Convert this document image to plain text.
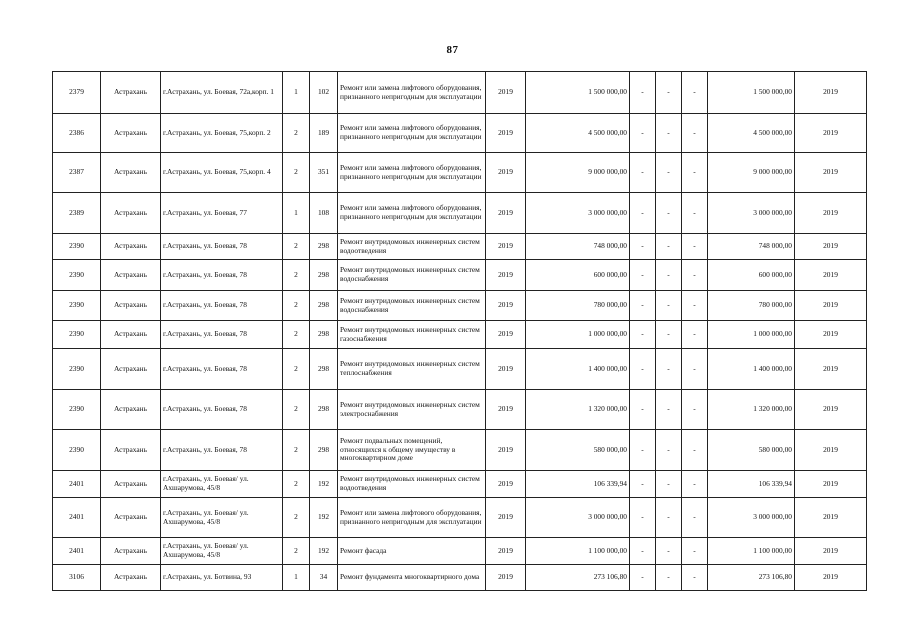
87
2379	Астрахань	г.Астрахань, ул. Боевая, 72а,корп. 1	1	102	Ремонт или замена лифтового оборудования, признанного непригодным для эксплуатации	2019	1 500 000,00	-	-	-	1 500 000,00	2019
2386	Астрахань	г.Астрахань, ул. Боевая, 75,корп. 2	2	189	Ремонт или замена лифтового оборудования, признанного непригодным для эксплуатации	2019	4 500 000,00	-	-	-	4 500 000,00	2019
2387	Астрахань	г.Астрахань, ул. Боевая, 75,корп. 4	2	351	Ремонт или замена лифтового оборудования, признанного непригодным для эксплуатации	2019	9 000 000,00	-	-	-	9 000 000,00	2019
2389	Астрахань	г.Астрахань, ул. Боевая, 77	1	108	Ремонт или замена лифтового оборудования, признанного непригодным для эксплуатации	2019	3 000 000,00	-	-	-	3 000 000,00	2019
2390	Астрахань	г.Астрахань, ул. Боевая, 78	2	298	Ремонт внутридомовых инженерных систем водоотведения	2019	748 000,00	-	-	-	748 000,00	2019
2390	Астрахань	г.Астрахань, ул. Боевая, 78	2	298	Ремонт внутридомовых инженерных систем водоснабжения	2019	600 000,00	-	-	-	600 000,00	2019
2390	Астрахань	г.Астрахань, ул. Боевая, 78	2	298	Ремонт внутридомовых инженерных систем водоснабжения	2019	780 000,00	-	-	-	780 000,00	2019
2390	Астрахань	г.Астрахань, ул. Боевая, 78	2	298	Ремонт внутридомовых инженерных систем газоснабжения	2019	1 000 000,00	-	-	-	1 000 000,00	2019
2390	Астрахань	г.Астрахань, ул. Боевая, 78	2	298	Ремонт внутридомовых инженерных систем теплоснабжения	2019	1 400 000,00	-	-	-	1 400 000,00	2019
2390	Астрахань	г.Астрахань, ул. Боевая, 78	2	298	Ремонт внутридомовых инженерных систем электроснабжения	2019	1 320 000,00	-	-	-	1 320 000,00	2019
2390	Астрахань	г.Астрахань, ул. Боевая, 78	2	298	Ремонт подвальных помещений, относящихся к общему имуществу в многоквартирном доме	2019	580 000,00	-	-	-	580 000,00	2019
2401	Астрахань	г.Астрахань, ул. Боевая/ ул. Ахшарумова, 45/8	2	192	Ремонт внутридомовых инженерных систем водоотведения	2019	106 339,94	-	-	-	106 339,94	2019
2401	Астрахань	г.Астрахань, ул. Боевая/ ул. Ахшарумова, 45/8	2	192	Ремонт или замена лифтового оборудования, признанного непригодным для эксплуатации	2019	3 000 000,00	-	-	-	3 000 000,00	2019
2401	Астрахань	г.Астрахань, ул. Боевая/ ул. Ахшарумова, 45/8	2	192	Ремонт фасада	2019	1 100 000,00	-	-	-	1 100 000,00	2019
3106	Астрахань	г.Астрахань, ул. Ботвина, 93	1	34	Ремонт фундамента многоквартирного дома	2019	273 106,80	-	-	-	273 106,80	2019
